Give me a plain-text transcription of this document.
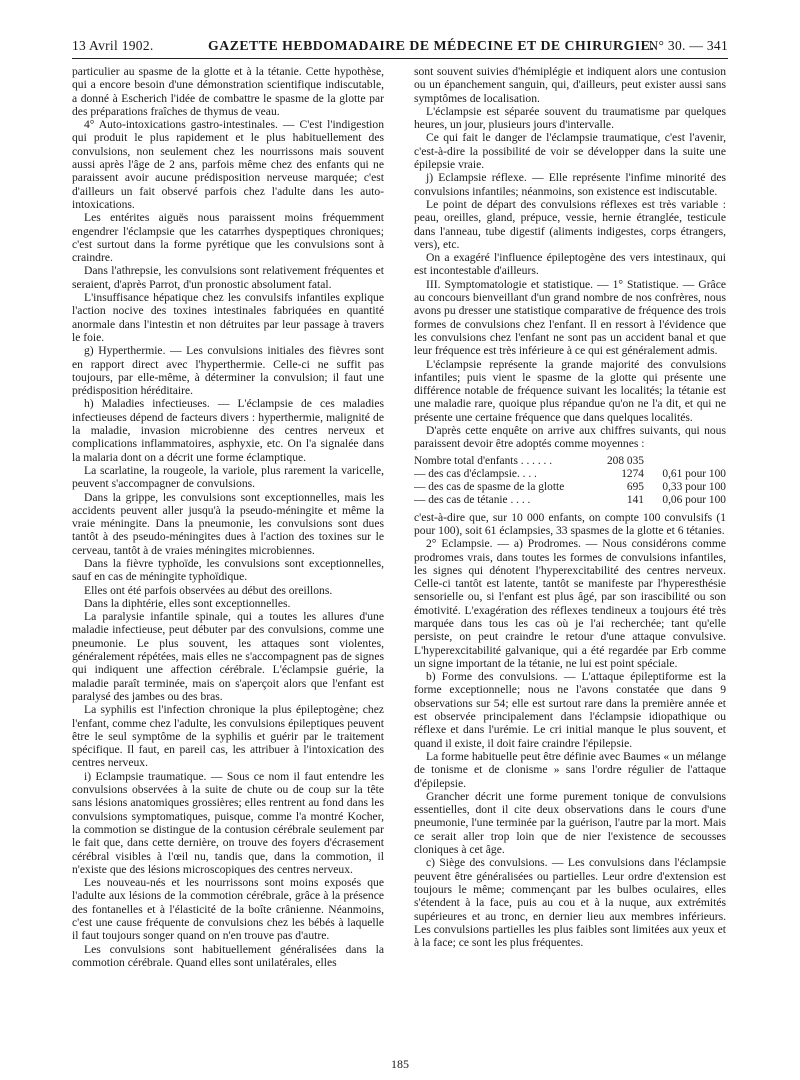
13 Avril 1902.	GAZETTE HEBDOMADAIRE DE MÉDECINE ET DE CHIRURGIE.
N° 30. — 341

particulier au spasme de la glotte et à la tétanie. Cette hypothèse, qui a encore besoin d'une démonstration scientifique indiscutable, a donné à Escherich l'idée de combattre le spasme de la glotte par des préparations fraîches de thymus de veau.

4° Auto-intoxications gastro-intestinales. — C'est l'indigestion qui produit le plus rapidement et le plus habituellement des convulsions, non seulement chez les nourrissons mais souvent aussi après l'âge de 2 ans, parfois même chez des enfants qui ne paraissent avoir aucune prédisposition nerveuse marquée; c'est d'ailleurs un fait observé parfois chez l'adulte dans les auto-intoxications.

Les entérites aiguës nous paraissent moins fréquemment engendrer l'éclampsie que les catarrhes dyspeptiques chroniques; c'est surtout dans la forme pyrétique que les convulsions sont à craindre.

Dans l'athrepsie, les convulsions sont relativement fréquentes et seraient, d'après Parrot, d'un pronostic absolument fatal.

L'insuffisance hépatique chez les convulsifs infantiles explique l'action nocive des toxines intestinales fabriquées en quantité anormale dans l'intestin et non détruites par leur passage à travers le foie.

g) Hyperthermie. — Les convulsions initiales des fièvres sont en rapport direct avec l'hyperthermie. Celle-ci ne suffit pas toujours, par elle-même, à déterminer la convulsion; il faut une prédisposition héréditaire.

h) Maladies infectieuses. — L'éclampsie de ces maladies infectieuses dépend de facteurs divers : hyperthermie, malignité de la maladie, invasion microbienne des centres nerveux et complications inflammatoires, asphyxie, etc. On l'a signalée dans la malaria dont on a décrit une forme éclamptique.

La scarlatine, la rougeole, la variole, plus rarement la varicelle, peuvent s'accompagner de convulsions.

Dans la grippe, les convulsions sont exceptionnelles, mais les accidents peuvent aller jusqu'à la pseudo-méningite et même la vraie méningite. Dans la pneumonie, les convulsions sont dues tantôt à des pseudo-méningites dues à l'action des toxines sur le cerveau, tantôt à de vraies méningites microbiennes.

Dans la fièvre typhoïde, les convulsions sont exceptionnelles, sauf en cas de méningite typhoïdique.

Elles ont été parfois observées au début des oreillons.

Dans la diphtérie, elles sont exceptionnelles.

La paralysie infantile spinale, qui a toutes les allures d'une maladie infectieuse, peut débuter par des convulsions, comme une pneumonie. Le plus souvent, les attaques sont violentes, généralement répétées, mais elles ne s'accompagnent pas de signes qui indiquent une affection cérébrale. L'éclampsie guérie, la maladie paraît terminée, mais on s'aperçoit alors que l'enfant est paralysé des jambes ou des bras.

La syphilis est l'infection chronique la plus épileptogène; chez l'enfant, comme chez l'adulte, les convulsions épileptiques peuvent être le seul symptôme de la syphilis et guérir par le traitement spécifique. Il faut, en pareil cas, les attribuer à l'intoxication des centres nerveux.

i) Eclampsie traumatique. — Sous ce nom il faut entendre les convulsions observées à la suite de chute ou de coup sur la tête sans lésions anatomiques grossières; elles rentrent au fond dans les convulsions symptomatiques, puisque, comme l'a montré Kocher, la commotion se distingue de la contusion cérébrale seulement par le fait que, dans cette dernière, on trouve des foyers d'écrasement cérébral visibles à l'œil nu, tandis que, dans la commotion, il n'existe que des lésions microscopiques des centres nerveux.

Les nouveau-nés et les nourrissons sont moins exposés que l'adulte aux lésions de la commotion cérébrale, grâce à la présence des fontanelles et à l'élasticité de la boîte crânienne. Néanmoins, c'est une cause fréquente de convulsions chez les bébés à laquelle il faut toujours songer quand on n'en trouve pas d'autre.

Les convulsions sont habituellement généralisées dans la commotion cérébrale. Quand elles sont unilatérales, elles

sont souvent suivies d'hémiplégie et indiquent alors une contusion ou un épanchement sanguin, qui, d'ailleurs, peut exister aussi sans symptômes de localisation.

L'éclampsie est séparée souvent du traumatisme par quelques heures, un jour, plusieurs jours d'intervalle.

Ce qui fait le danger de l'éclampsie traumatique, c'est l'avenir, c'est-à-dire la possibilité de voir se développer dans la suite une épilepsie vraie.

j) Eclampsie réflexe. — Elle représente l'infime minorité des convulsions infantiles; néanmoins, son existence est indiscutable.

Le point de départ des convulsions réflexes est très variable : peau, oreilles, gland, prépuce, vessie, hernie étranglée, testicule dans l'anneau, tube digestif (aliments indigestes, corps étrangers, vers), etc.

On a exagéré l'influence épileptogène des vers intestinaux, qui est incontestable d'ailleurs.

III. Symptomatologie et statistique. — 1° Statistique. — Grâce au concours bienveillant d'un grand nombre de nos confrères, nous avons pu dresser une statistique comparative de fréquence des trois formes de convulsions chez l'enfant. Il en ressort à l'évidence que les convulsions chez l'enfant ne sont pas un accident banal et que leur fréquence est très inférieure à ce qui est généralement admis.

L'éclampsie représente la grande majorité des convulsions infantiles; puis vient le spasme de la glotte qui présente une différence notable de fréquence suivant les localités; la tétanie est une maladie rare, quoique plus répandue qu'on ne l'a dit, et qui ne présente une certaine fréquence que dans quelques localités.

D'après cette enquête on arrive aux chiffres suivants, qui nous paraissent devoir être adoptés comme moyennes :

Nombre total d'enfants . . . . . .	208 035
— des cas d'éclampsie. . . .	1274	0,61 pour 100
— des cas de spasme de la glotte	695	0,33 pour 100
— des cas de tétanie . . . .	141	0,06 pour 100

c'est-à-dire que, sur 10 000 enfants, on compte 100 convulsifs (1 pour 100), soit 61 éclampsies, 33 spasmes de la glotte et 6 tétanies.

2° Eclampsie. — a) Prodromes. — Nous considérons comme prodromes vrais, dans toutes les formes de convulsions infantiles, les signes qui dénotent l'hyperexcitabilité des centres nerveux. Celle-ci tantôt est latente, tantôt se manifeste par l'hyperesthésie sensorielle ou, si l'enfant est plus âgé, par son irascibilité ou son émotivité. L'exagération des réflexes tendineux a toujours été très marquée dans tous les cas où je l'ai recherchée; tant qu'elle persiste, on peut craindre le retour d'une attaque convulsive. L'hyperexcitabilité galvanique, qui a été regardée par Erb comme un signe important de la tétanie, ne lui est point spéciale.

b) Forme des convulsions. — L'attaque épileptiforme est la forme exceptionnelle; nous ne l'avons constatée que dans 9 observations sur 54; elle est surtout rare dans la première année et est observée principalement dans l'éclampsie idiopathique ou réflexe et dans l'urémie. Le cri initial manque le plus souvent, et quand il existe, il doit faire craindre l'épilepsie.

La forme habituelle peut être définie avec Baumes « un mélange de tonisme et de clonisme » sans l'ordre régulier de l'attaque d'épilepsie.

Grancher décrit une forme purement tonique de convulsions essentielles, dont il cite deux observations dans le cours d'une pneumonie, l'une terminée par la guérison, l'autre par la mort. Mais ce serait aller trop loin que de nier l'existence de secousses cloniques à cet âge.

c) Siège des convulsions. — Les convulsions dans l'éclampsie peuvent être généralisées ou partielles. Leur ordre d'extension est toujours le même; commençant par les bulbes oculaires, elles s'étendent à la face, puis au cou et à la nuque, aux extrémités supérieures et au tronc, en dernier lieu aux membres inférieurs. Les convulsions partielles les plus faibles sont limitées aux yeux et à la face; ce sont les plus fréquentes.

185
